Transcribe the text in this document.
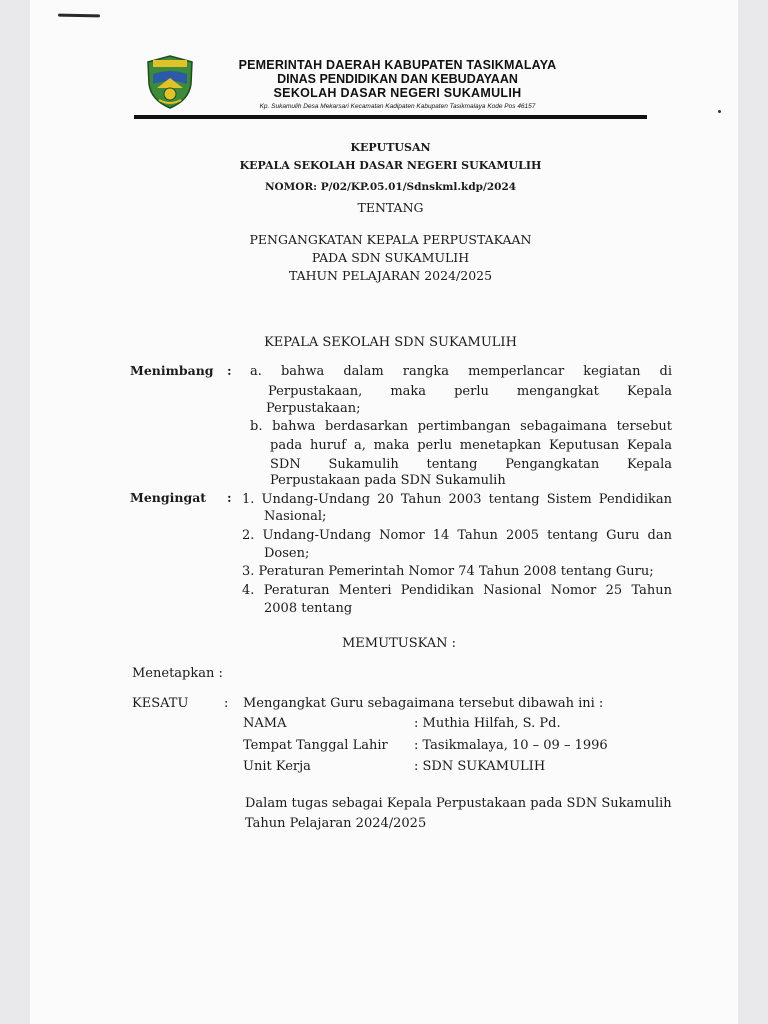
PEMERINTAH DAERAH KABUPATEN TASIKMALAYA
DINAS PENDIDIKAN DAN KEBUDAYAAN
SEKOLAH DASAR NEGERI SUKAMULIH
Kp. Sukamulih Desa Mekarsari Kecamatan Kadipaten Kabupaten Tasikmalaya Kode Pos 46157
KEPUTUSAN
KEPALA SEKOLAH DASAR NEGERI SUKAMULIH
NOMOR: P/02/KP.05.01/Sdnskml.kdp/2024
TENTANG
PENGANGKATAN KEPALA PERPUSTAKAAN
PADA SDN SUKAMULIH
TAHUN PELAJARAN 2024/2025
KEPALA SEKOLAH SDN SUKAMULIH
Menimbang : a. bahwa dalam rangka memperlancar kegiatan di
Perpustakaan, maka perlu mengangkat Kepala
Perpustakaan;
b. bahwa berdasarkan pertimbangan sebagaimana tersebut
pada huruf a, maka perlu menetapkan Keputusan Kepala
SDN Sukamulih tentang Pengangkatan Kepala
Perpustakaan pada SDN Sukamulih
Mengingat : 1. Undang-Undang 20 Tahun 2003 tentang Sistem Pendidikan
Nasional;
2. Undang-Undang Nomor 14 Tahun 2005 tentang Guru dan
Dosen;
3. Peraturan Pemerintah Nomor 74 Tahun 2008 tentang Guru;
4. Peraturan Menteri Pendidikan Nasional Nomor 25 Tahun
2008 tentang
MEMUTUSKAN :
Menetapkan :
KESATU	: Mengangkat Guru sebagaimana tersebut dibawah ini :
NAMA	: Muthia Hilfah, S. Pd.
Tempat Tanggal Lahir : Tasikmalaya, 10 – 09 – 1996
Unit Kerja	: SDN SUKAMULIH
Dalam tugas sebagai Kepala Perpustakaan pada SDN Sukamulih
Tahun Pelajaran 2024/2025
